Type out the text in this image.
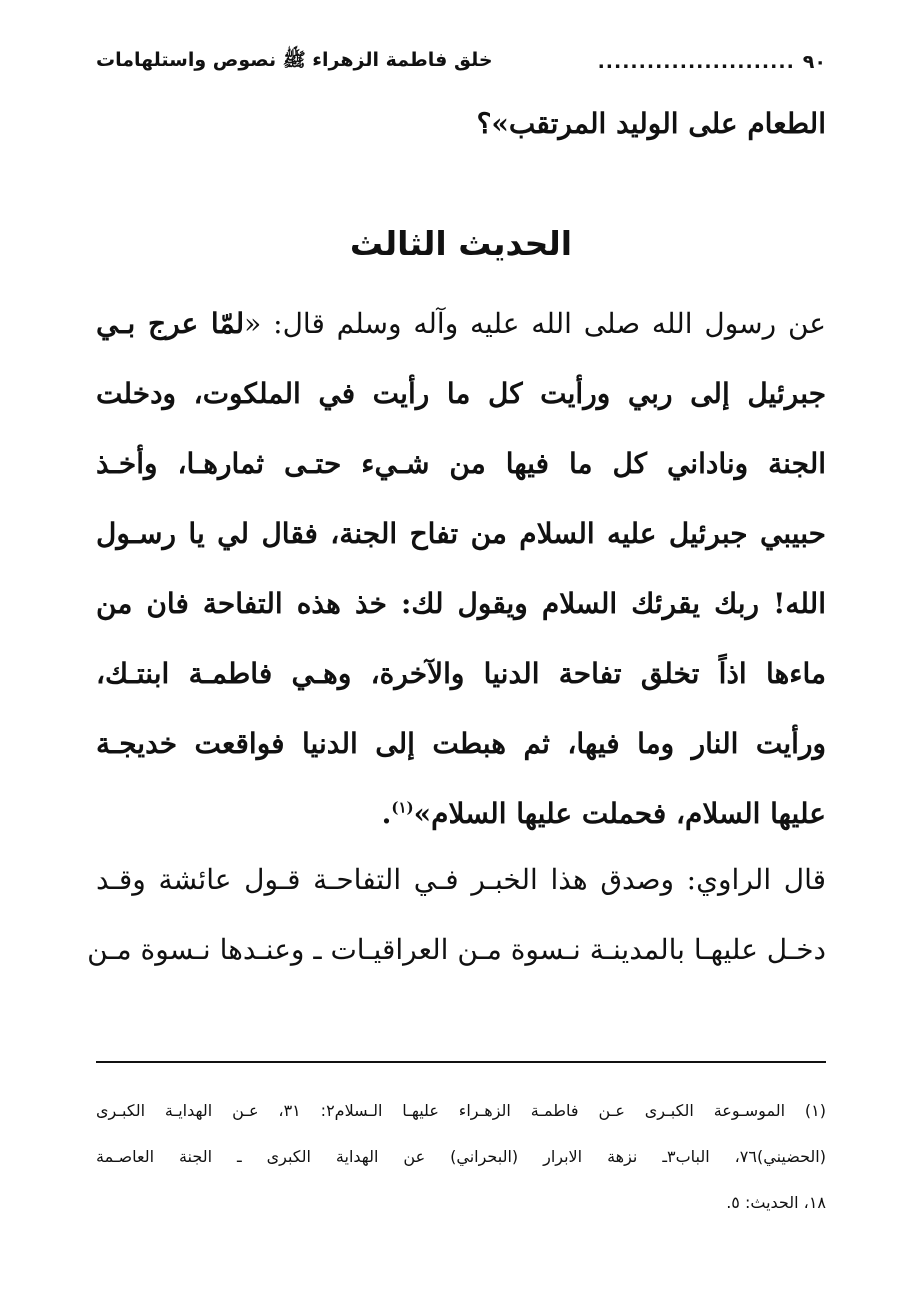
٩٠
........................
خلق فاطمة الزهراء ﷺ نصوص واستلهامات
الطعام على الوليد المرتقب»؟
الحديث الثالث
عن رسول الله صلى الله عليه وآله وسلم قال: «لمّا عرج بـي
جبرئيل إلى ربي ورأيت كل ما رأيت في الملكوت، ودخلت
الجنة وناداني كل ما فيها من شـيء حتـى ثمارهـا، وأخـذ
حبيبي جبرئيل عليه السلام من تفاح الجنة، فقال لي يا رسـول
الله! ربك يقرئك السلام ويقول لك: خذ هذه التفاحة فان من
ماءها اذاً تخلق تفاحة الدنيا والآخرة، وهـي فاطمـة ابنتـك،
ورأيت النار وما فيها، ثم هبطت إلى الدنيا فواقعت خديجـة
عليها السلام، فحملت عليها السلام»$^{(١)}$.
قال الراوي: وصدق هذا الخبـر فـي التفاحـة قـول عائشة وقـد
دخـل عليهـا بالمدينـة نـسوة مـن العراقيـات ـ وعنـدها نـسوة مـن
(١) الموسـوعة الكبـرى عـن فاطمـة الزهـراء عليهـا الـسلام٢: ٣١، عـن الهدايـة الكبـرى
(الحضيني)٧٦، الباب٣ـ نزهة الابرار (البحراني) عن الهداية الكبرى ـ الجنة العاصـمة
١٨، الحديث: ٥.
